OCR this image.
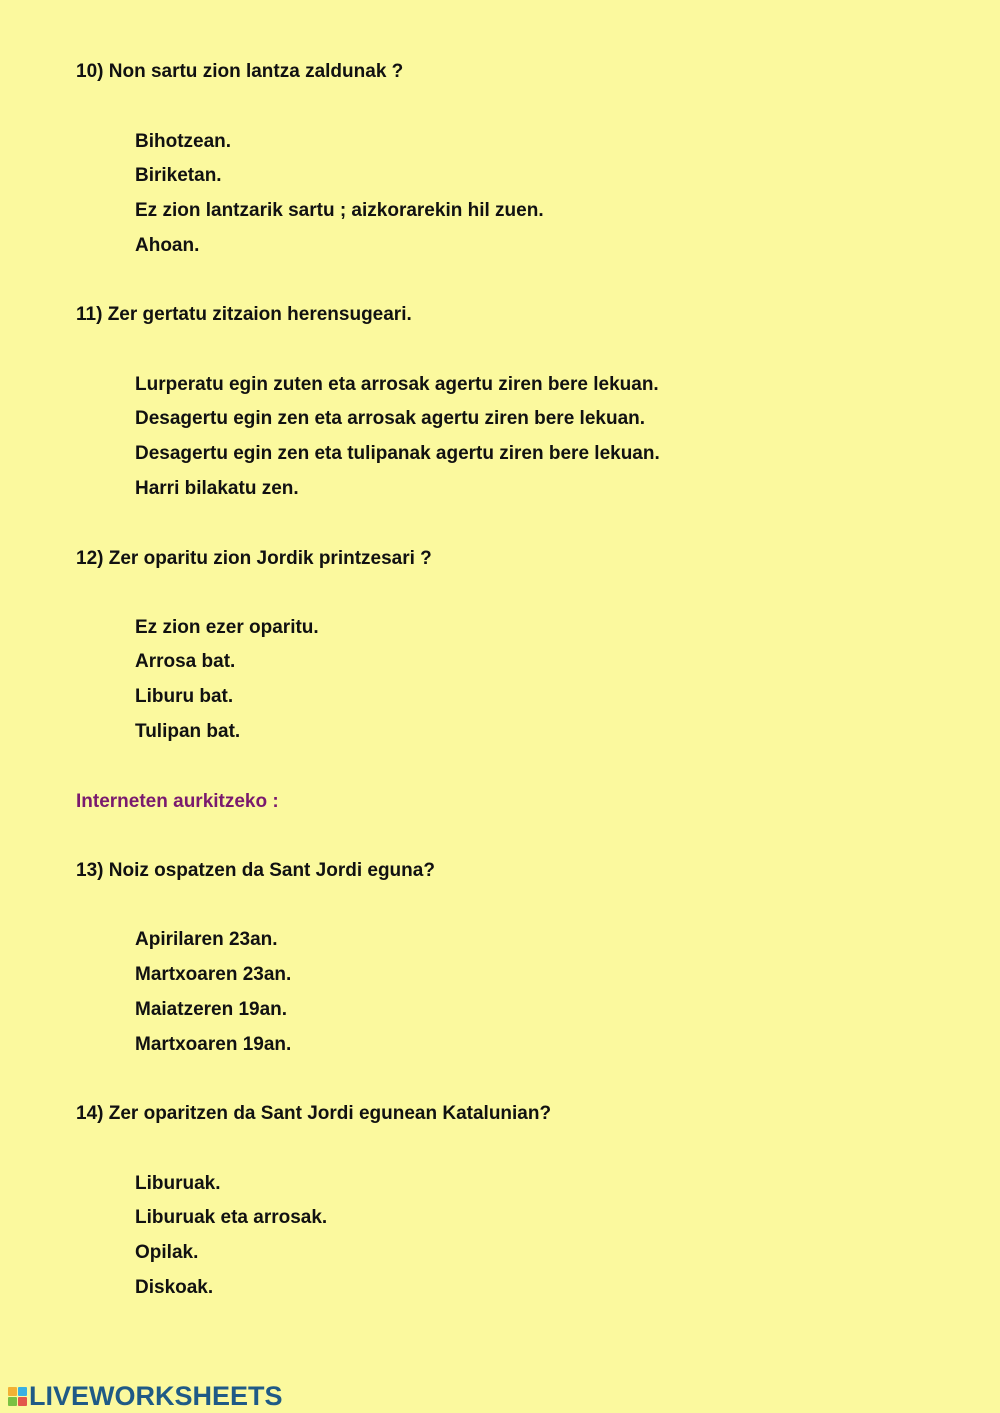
10) Non sartu zion lantza zaldunak ?
Bihotzean.
Biriketan.
Ez zion lantzarik sartu ; aizkorarekin hil zuen.
Ahoan.
11) Zer gertatu zitzaion herensugeari.
Lurperatu egin zuten eta arrosak agertu ziren bere lekuan.
Desagertu egin zen eta arrosak agertu ziren bere lekuan.
Desagertu egin zen eta tulipanak agertu ziren bere lekuan.
Harri bilakatu zen.
12) Zer oparitu zion Jordik printzesari ?
Ez zion ezer oparitu.
Arrosa bat.
Liburu bat.
Tulipan bat.
Interneten aurkitzeko :
13) Noiz ospatzen da Sant Jordi eguna?
Apirilaren 23an.
Martxoaren 23an.
Maiatzeren 19an.
Martxoaren 19an.
14) Zer oparitzen da Sant Jordi egunean Katalunian?
Liburuak.
Liburuak eta arrosak.
Opilak.
Diskoak.
LIVEWORKSHEETS
